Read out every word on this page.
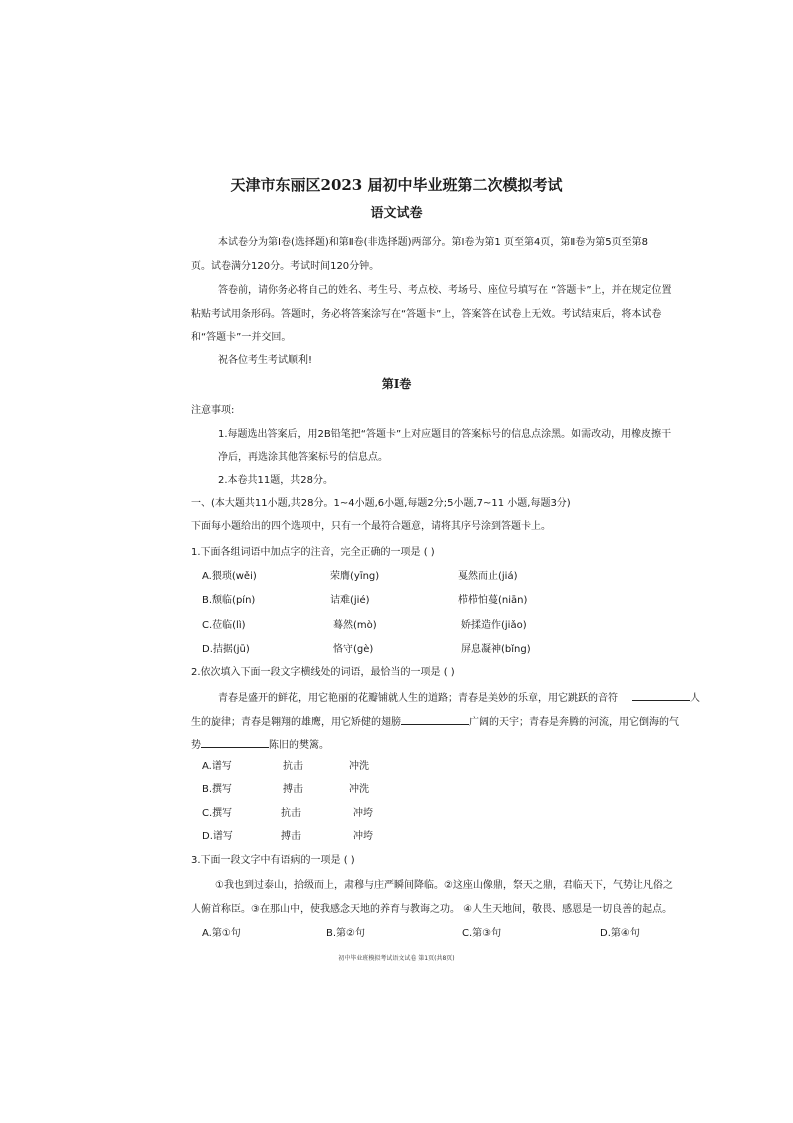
天津市东丽区2023 届初中毕业班第二次模拟考试
语文试卷
本试卷分为第Ⅰ卷(选择题)和第Ⅱ卷(非选择题)两部分。第Ⅰ卷为第1 页至第4页，第Ⅱ卷为第5页至第8
页。试卷满分120分。考试时间120分钟。
答卷前，请你务必将自己的姓名、考生号、考点校、考场号、座位号填写在 “答题卡”上，并在规定位置
粘贴考试用条形码。答题时，务必将答案涂写在“答题卡”上，答案答在试卷上无效。考试结束后，将本试卷
和“答题卡”一并交回。
祝各位考生考试顺利!
第Ⅰ卷
注意事项:
1.每题选出答案后，用2B铅笔把“答题卡”上对应题目的答案标号的信息点涂黑。如需改动，用橡皮擦干
净后，再选涂其他答案标号的信息点。
2.本卷共11题，共28分。
一、(本大题共11小题,共28分。1~4小题,6小题,每题2分;5小题,7~11 小题,每题3分)
下面每小题给出的四个选项中，只有一个最符合题意，请将其序号涂到答题卡上。
1.下面各组词语中加点字的注音，完全正确的一项是 ( )
A.猥琐(wěi)	荣膺(yīng)	戛然而止(jiá)
B.颓临(pín)	诘难(jié)	栉栉怕蔓(niān)
C.莅临(lì)	蓦然(mò)	娇揉造作(jiǎo)
D.拮据(jū)	恪守(gè)	屏息凝神(bǐng)
2.依次填入下面一段文字横线处的词语，最恰当的一项是 ( )
青春是盛开的鲜花，用它艳丽的花瓣铺就人生的道路；青春是美妙的乐章，用它跳跃的音符	人
生的旋律；青春是翱翔的雄鹰，用它矫健的翅膀	广阔的天宇；青春是奔腾的河流，用它倒海的气
势	陈旧的樊篱。
A.谱写	抗击	冲洗
B.撰写	搏击	冲洗
C.撰写	抗击	冲垮
D.谱写	搏击	冲垮
3.下面一段文字中有语病的一项是 ( )
①我也到过泰山，拾级而上，肃穆与庄严瞬间降临。②这座山像鼎，祭天之鼎，君临天下，气势让凡俗之
人俯首称臣。③在那山中，使我感念天地的养育与教诲之功。 ④人生天地间，敬畏、感恩是一切良善的起点。
A.第①句	B.第②句	C.第③句	D.第④句
初中毕业班模拟考试语文试卷 第1页(共8页)
